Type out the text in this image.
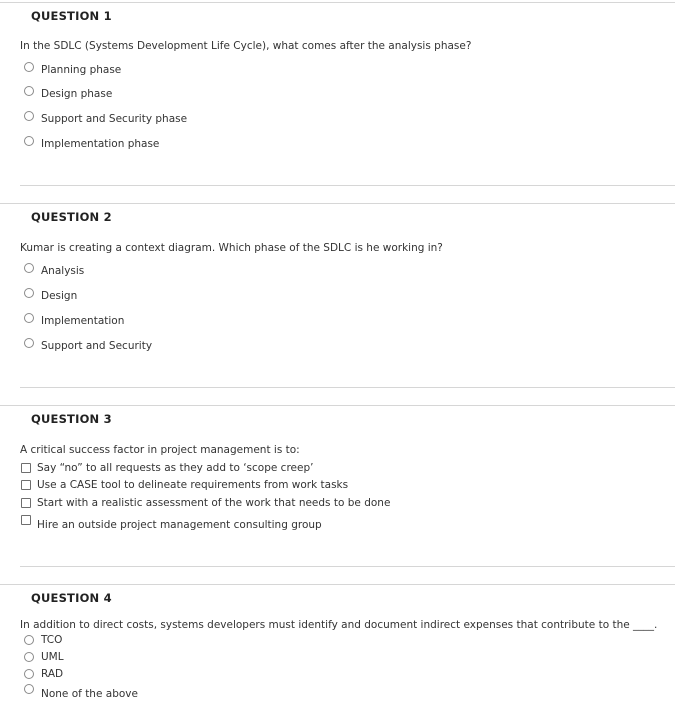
QUESTION 1
In the SDLC (Systems Development Life Cycle), what comes after the analysis phase?
Planning phase
Design phase
Support and Security phase
Implementation phase
QUESTION 2
Kumar is creating a context diagram. Which phase of the SDLC is he working in?
Analysis
Design
Implementation
Support and Security
QUESTION 3
A critical success factor in project management is to:
Say “no” to all requests as they add to ‘scope creep’
Use a CASE tool to delineate requirements from work tasks
Start with a realistic assessment of the work that needs to be done
Hire an outside project management consulting group
QUESTION 4
In addition to direct costs, systems developers must identify and document indirect expenses that contribute to the ____.
TCO
UML
RAD
None of the above
